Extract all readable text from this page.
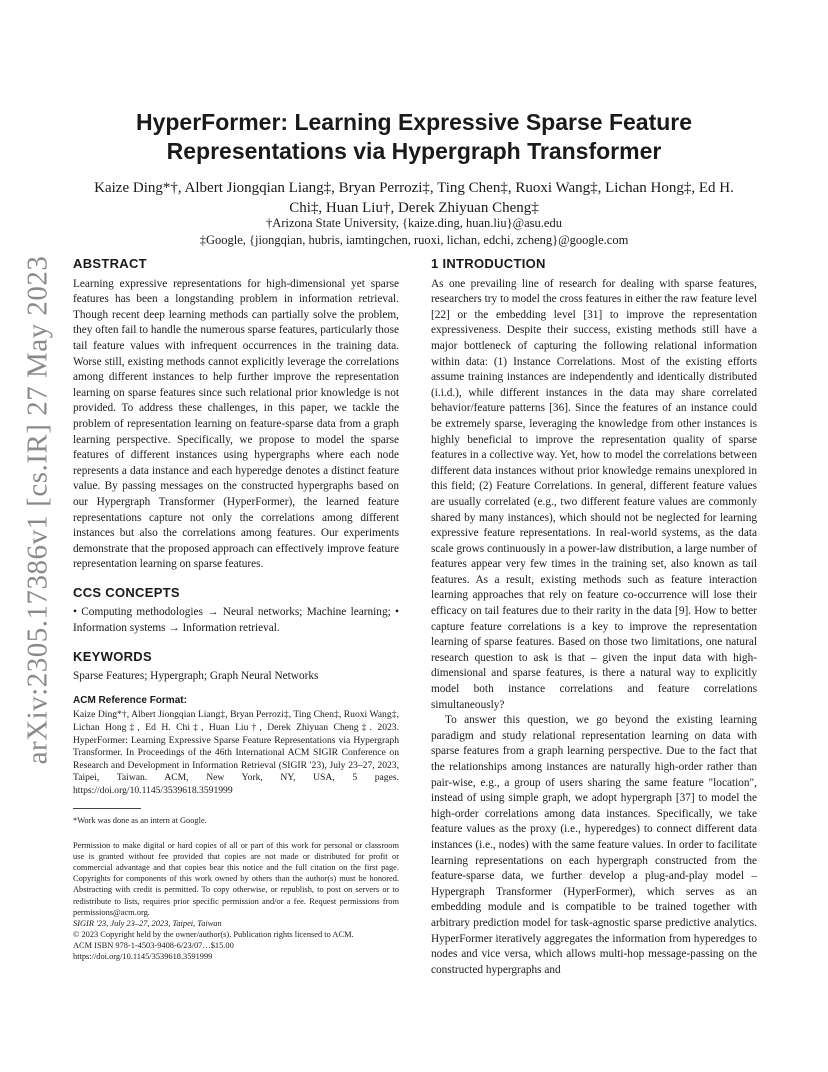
arXiv:2305.17386v1 [cs.IR] 27 May 2023
HyperFormer: Learning Expressive Sparse Feature Representations via Hypergraph Transformer
Kaize Ding*†, Albert Jiongqian Liang‡, Bryan Perrozi‡, Ting Chen‡, Ruoxi Wang‡, Lichan Hong‡, Ed H. Chi‡, Huan Liu†, Derek Zhiyuan Cheng‡
†Arizona State University, {kaize.ding, huan.liu}@asu.edu
‡Google, {jiongqian, hubris, iamtingchen, ruoxi, lichan, edchi, zcheng}@google.com
ABSTRACT

Learning expressive representations for high-dimensional yet sparse features has been a longstanding problem in information retrieval. Though recent deep learning methods can partially solve the problem, they often fail to handle the numerous sparse features, particularly those tail feature values with infrequent occurrences in the training data. Worse still, existing methods cannot explicitly leverage the correlations among different instances to help further improve the representation learning on sparse features since such relational prior knowledge is not provided. To address these challenges, in this paper, we tackle the problem of representation learning on feature-sparse data from a graph learning perspective. Specifically, we propose to model the sparse features of different instances using hypergraphs where each node represents a data instance and each hyperedge denotes a distinct feature value. By passing messages on the constructed hypergraphs based on our Hypergraph Transformer (HyperFormer), the learned feature representations capture not only the correlations among different instances but also the correlations among features. Our experiments demonstrate that the proposed approach can effectively improve feature representation learning on sparse features.

CCS CONCEPTS

• Computing methodologies → Neural networks; Machine learning; • Information systems → Information retrieval.

KEYWORDS

Sparse Features; Hypergraph; Graph Neural Networks

ACM Reference Format:

Kaize Ding*†, Albert Jiongqian Liang‡, Bryan Perrozi‡, Ting Chen‡, Ruoxi Wang‡, Lichan Hong‡, Ed H. Chi‡, Huan Liu†, Derek Zhiyuan Cheng‡. 2023. HyperFormer: Learning Expressive Sparse Feature Representations via Hypergraph Transformer. In Proceedings of the 46th International ACM SIGIR Conference on Research and Development in Information Retrieval (SIGIR '23), July 23–27, 2023, Taipei, Taiwan. ACM, New York, NY, USA, 5 pages. https://doi.org/10.1145/3539618.3591999

*Work was done as an intern at Google.

Permission to make digital or hard copies of all or part of this work for personal or classroom use is granted without fee provided that copies are not made or distributed for profit or commercial advantage and that copies bear this notice and the full citation on the first page. Copyrights for components of this work owned by others than the author(s) must be honored. Abstracting with credit is permitted. To copy otherwise, or republish, to post on servers or to redistribute to lists, requires prior specific permission and/or a fee. Request permissions from permissions@acm.org.

SIGIR '23, July 23–27, 2023, Taipei, Taiwan

© 2023 Copyright held by the owner/author(s). Publication rights licensed to ACM.

ACM ISBN 978-1-4503-9408-6/23/07…$15.00

https://doi.org/10.1145/3539618.3591999

1 INTRODUCTION

As one prevailing line of research for dealing with sparse features, researchers try to model the cross features in either the raw feature level [22] or the embedding level [31] to improve the representation expressiveness. Despite their success, existing methods still have a major bottleneck of capturing the following relational information within data: (1) Instance Correlations. Most of the existing efforts assume training instances are independently and identically distributed (i.i.d.), while different instances in the data may share correlated behavior/feature patterns [36]. Since the features of an instance could be extremely sparse, leveraging the knowledge from other instances is highly beneficial to improve the representation quality of sparse features in a collective way. Yet, how to model the correlations between different data instances without prior knowledge remains unexplored in this field; (2) Feature Correlations. In general, different feature values are usually correlated (e.g., two different feature values are commonly shared by many instances), which should not be neglected for learning expressive feature representations. In real-world systems, as the data scale grows continuously in a power-law distribution, a large number of features appear very few times in the training set, also known as tail features. As a result, existing methods such as feature interaction learning approaches that rely on feature co-occurrence will lose their efficacy on tail features due to their rarity in the data [9]. How to better capture feature correlations is a key to improve the representation learning of sparse features. Based on those two limitations, one natural research question to ask is that – given the input data with high-dimensional and sparse features, is there a natural way to explicitly model both instance correlations and feature correlations simultaneously?

To answer this question, we go beyond the existing learning paradigm and study relational representation learning on data with sparse features from a graph learning perspective. Due to the fact that the relationships among instances are naturally high-order rather than pair-wise, e.g., a group of users sharing the same feature "location", instead of using simple graph, we adopt hypergraph [37] to model the high-order correlations among data instances. Specifically, we take feature values as the proxy (i.e., hyperedges) to connect different data instances (i.e., nodes) with the same feature values. In order to facilitate learning representations on each hypergraph constructed from the feature-sparse data, we further develop a plug-and-play model – Hypergraph Transformer (HyperFormer), which serves as an embedding module and is compatible to be trained together with arbitrary prediction model for task-agnostic sparse predictive analytics. HyperFormer iteratively aggregates the information from hyperedges to nodes and vice versa, which allows multi-hop message-passing on the constructed hypergraphs and
